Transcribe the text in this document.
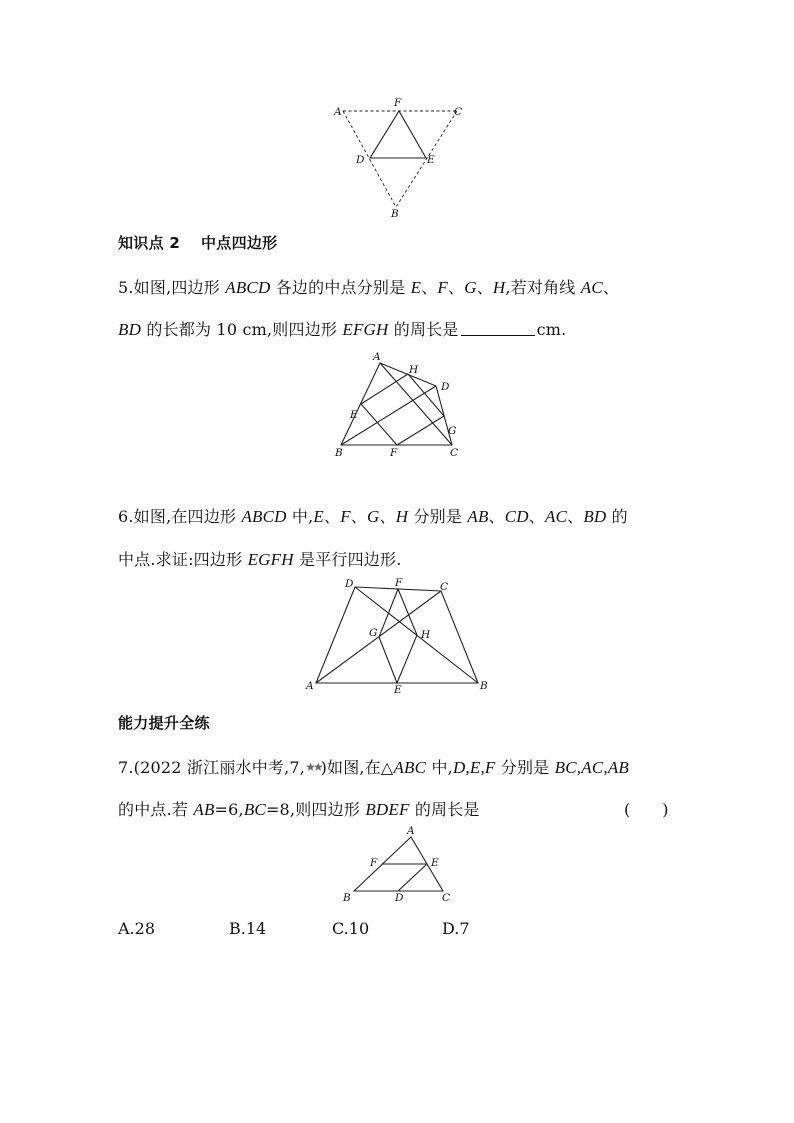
A
F
C
D	E
B
知识点 2　 中点四边形
5.如图,四边形 ABCD 各边的中点分别是 E、F、G、H,若对角线 AC、
BD 的长都为 10 cm,则四边形 EFGH 的周长是	cm.
A
H
D
E
G
B	F	C
6.如图,在四边形 ABCD 中,E、F、G、H 分别是 AB、CD、AC、BD 的
中点.求证:四边形 EGFH 是平行四边形.
D	F	C
G	H
A	E	B
能力提升全练
7.(2022 浙江丽水中考,7,★★)如图,在△ABC 中,D,E,F 分别是 BC,AC,AB
的中点.若 AB=6,BC=8,则四边形 BDEF 的周长是	(　　)
A
F	E
B	D	C
A.28	B.14	C.10	D.7
